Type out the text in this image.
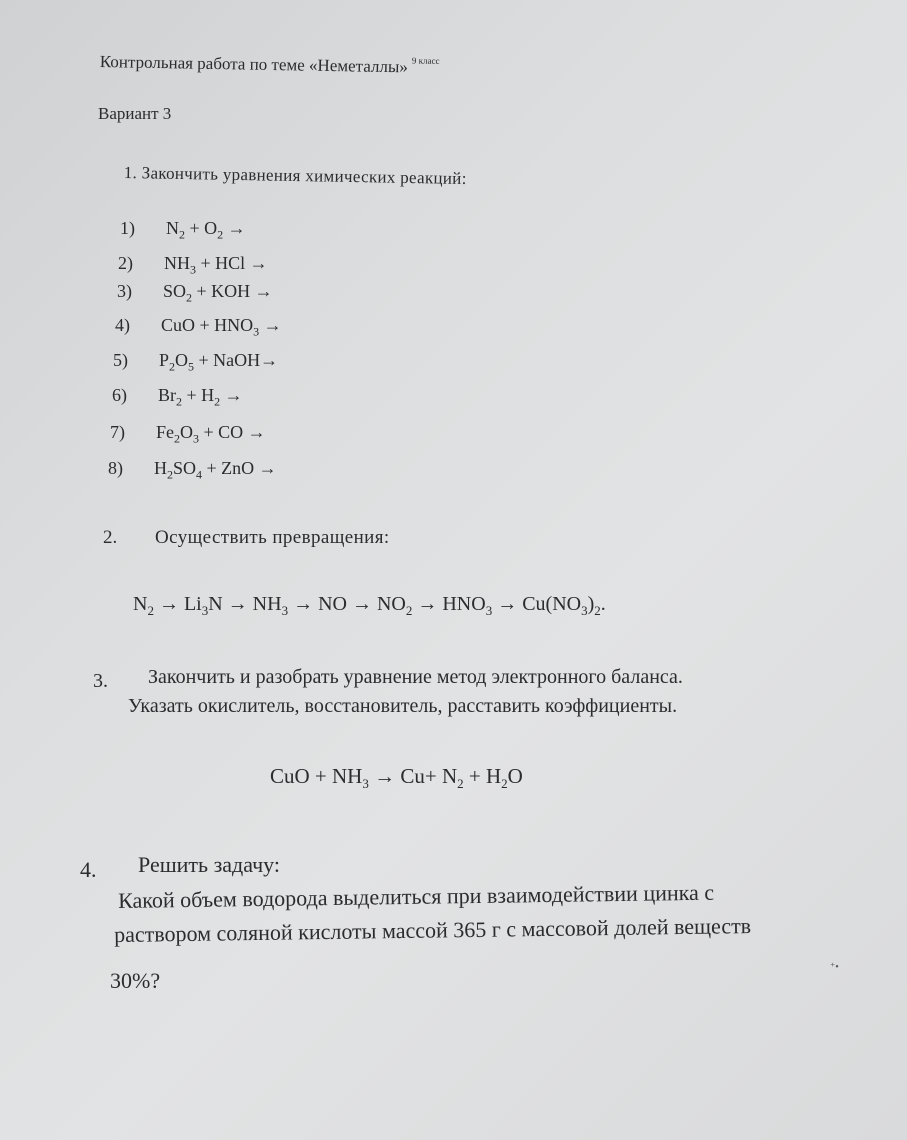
Контрольная работа по теме «Неметаллы» $^{9 класс}$
Вариант 3
1. Закончить уравнения химических реакций:
1) $N_2 + O_2$ →
2) $NH_3$ + HCl →
3) $SO_2$ + KOH →
4) CuO + $HNO_3$ →
5) $P_2O_5$ + NaOH→
6) $Br_2 + H_2$ →
7) $Fe_2O_3$ + CO →
8) $H_2SO_4$ + ZnO →
2. Осуществить превращения:
$N_2 \to Li_3N \to NH_3$ → NO → $NO_2 \to HNO_3 \to Cu(NO_3)_2$.
3. Закончить и разобрать уравнение метод электронного баланса.
Указать окислитель, восстановитель, расставить коэффициенты.
CuO + $NH_3 \to Cu+ N_2 + H_2O$
4. Решить задачу:
Какой объем водорода выделиться при взаимодействии цинка с
раствором соляной кислоты массой 365 г с массовой долей веществ
30%?
⁺•
